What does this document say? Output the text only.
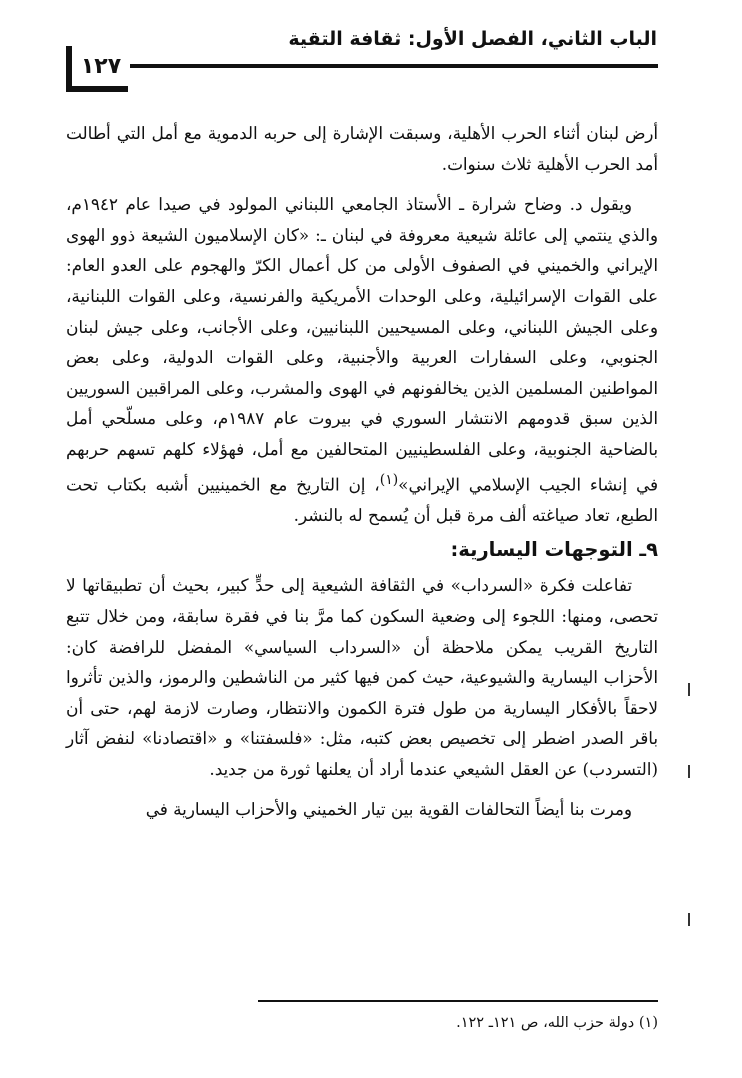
الباب الثاني، الفصل الأول: ثقافة التقية
١٢٧

أرض لبنان أثناء الحرب الأهلية، وسبقت الإشارة إلى حربه الدموية مع أمل التي أطالت أمد الحرب الأهلية ثلاث سنوات.

ويقول د. وضاح شرارة ـ الأستاذ الجامعي اللبناني المولود في صيدا عام ١٩٤٢م، والذي ينتمي إلى عائلة شيعية معروفة في لبنان ـ: «كان الإسلاميون الشيعة ذوو الهوى الإيراني والخميني في الصفوف الأولى من كل أعمال الكرّ والهجوم على العدو العام: على القوات الإسرائيلية، وعلى الوحدات الأمريكية والفرنسية، وعلى القوات اللبنانية، وعلى الجيش اللبناني، وعلى المسيحيين اللبنانيين، وعلى الأجانب، وعلى جيش لبنان الجنوبي، وعلى السفارات العربية والأجنبية، وعلى القوات الدولية، وعلى بعض المواطنين المسلمين الذين يخالفونهم في الهوى والمشرب، وعلى المراقبين السوريين الذين سبق قدومهم الانتشار السوري في بيروت عام ١٩٨٧م، وعلى مسلّحي أمل بالضاحية الجنوبية، وعلى الفلسطينيين المتحالفين مع أمل، فهؤلاء كلهم تسهم حربهم في إنشاء الجيب الإسلامي الإيراني»$^{(١)}$، إن التاريخ مع الخمينيين أشبه بكتاب تحت الطبع، تعاد صياغته ألف مرة قبل أن يُسمح له بالنشر.

٩ـ التوجهات اليسارية:

تفاعلت فكرة «السرداب» في الثقافة الشيعية إلى حدٍّ كبير، بحيث أن تطبيقاتها لا تحصى، ومنها: اللجوء إلى وضعية السكون كما مرَّ بنا في فقرة سابقة، ومن خلال تتبع التاريخ القريب يمكن ملاحظة أن «السرداب السياسي» المفضل للرافضة كان: الأحزاب اليسارية والشيوعية، حيث كمن فيها كثير من الناشطين والرموز، والذين تأثروا لاحقاً بالأفكار اليسارية من طول فترة الكمون والانتظار، وصارت لازمة لهم، حتى أن باقر الصدر اضطر إلى تخصيص بعض كتبه، مثل: «فلسفتنا» و «اقتصادنا» لنفض آثار (التسردب) عن العقل الشيعي عندما أراد أن يعلنها ثورة من جديد.

ومرت بنا أيضاً التحالفات القوية بين تيار الخميني والأحزاب اليسارية في

(١) دولة حزب الله، ص ١٢١ـ ١٢٢.
